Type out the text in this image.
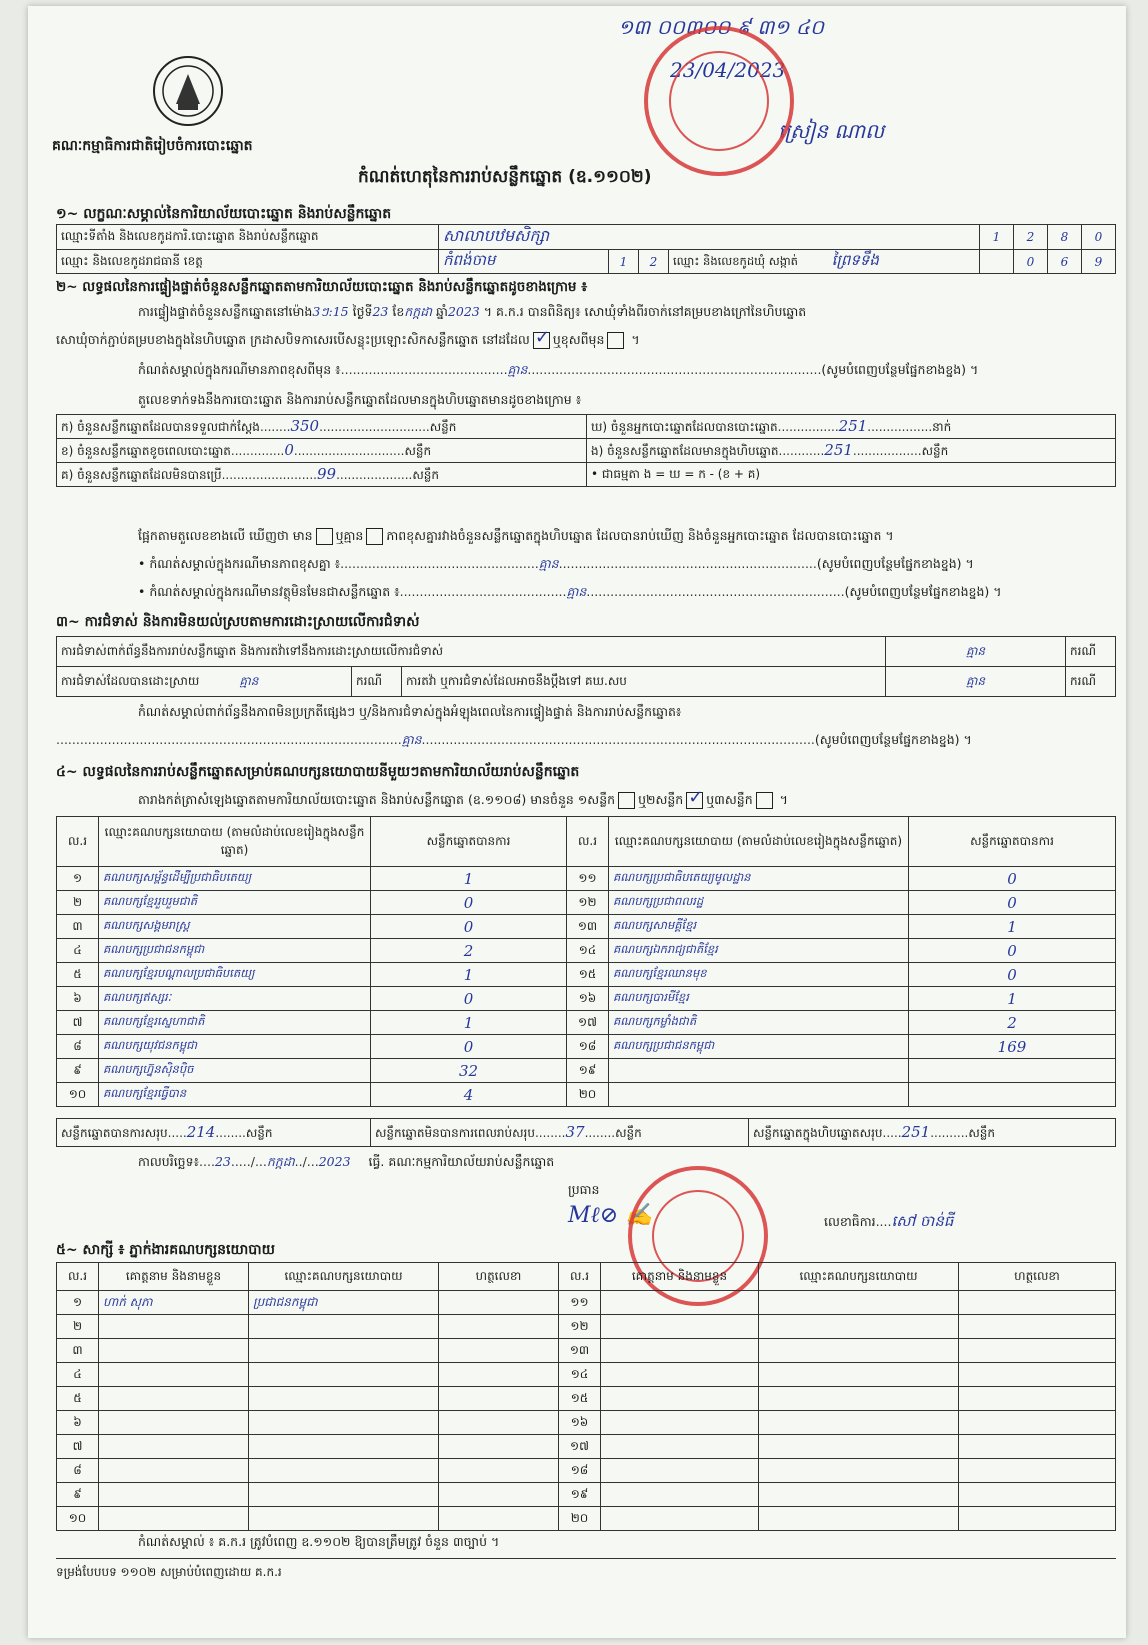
គណៈកម្មាធិការជាតិរៀបចំការបោះឆ្នោត
១៣ ០០៣០០ ៩ ៣១ ៤០
23/04/2023
ស្រៀន ណាល

កំណត់ហេតុនៃការរាប់សន្លឹកឆ្នោត (ឧ.១១០២)
១~ លក្ខណៈសម្គាល់នៃការិយាល័យបោះឆ្នោត និងរាប់សន្លឹកឆ្នោត
ឈ្មោះទីតាំង និងលេខកូដការិ.បោះឆ្នោត និងរាប់សន្លឹកឆ្នោត	សាលាបឋមសិក្សា				1	2	8	0
ឈ្មោះ និងលេខកូដរាជធានី ខេត្ត	កំពង់ចាម	1	2	ឈ្មោះ និងលេខកូដឃុំ សង្កាត់ ព្រៃទទឹង		0	6	9
២~ លទ្ធផលនៃការផ្ទៀងផ្ទាត់ចំនួនសន្លឹកឆ្នោតតាមការិយាល័យបោះឆ្នោត និងរាប់សន្លឹកឆ្នោតដូចខាងក្រោម ៖
ការផ្ទៀងផ្ទាត់ចំនួនសន្លឹកឆ្នោតនៅម៉ោង3ៗ:15 ថ្ងៃទី23 ខែកក្កដា ឆ្នាំ2023 ។ គ.ក.រ បានពិនិត្យ៖ សោឃុំទាំងពីរចាក់នៅគម្របខាងក្រៅនៃហិបឆ្នោត
សោឃុំចាក់ភ្ជាប់គម្របខាងក្នុងនៃហិបឆ្នោត ក្រដាសបិទកាសេរបើសន្លុះប្រឡោះសិកសន្លឹកឆ្នោត នៅដដែល ✓ ឬខុសពីមុន ។
កំណត់សម្គាល់ក្នុងករណីមានភាពខុសពីមុន ៖..........................................គ្មាន..........................................................................(សូមបំពេញបន្ថែមផ្នែកខាងខ្នង) ។
តួលេខទាក់ទងនឹងការបោះឆ្នោត និងការរាប់សន្លឹកឆ្នោតដែលមានក្នុងហិបឆ្នោតមានដូចខាងក្រោម ៖
ក) ចំនួនសន្លឹកឆ្នោតដែលបានទទួលជាក់ស្តែង........350.............................សន្លឹក	ឃ) ចំនួនអ្នកបោះឆ្នោតដែលបានបោះឆ្នោត................251.................នាក់
ខ) ចំនួនសន្លឹកឆ្នោតខូចពេលបោះឆ្នោត..............0.............................សន្លឹក	ង) ចំនួនសន្លឹកឆ្នោតដែលមានក្នុងហិបឆ្នោត............251..................សន្លឹក
គ) ចំនួនសន្លឹកឆ្នោតដែលមិនបានប្រើ.........................99....................សន្លឹក	• ជាធម្មតា ង = ឃ = ក - (ខ + គ)
ផ្អែកតាមតួលេខខាងលើ ឃើញថា មាន ឬគ្មាន ភាពខុសគ្នារវាងចំនួនសន្លឹកឆ្នោតក្នុងហិបឆ្នោត ដែលបានរាប់ឃើញ និងចំនួនអ្នកបោះឆ្នោត ដែលបានបោះឆ្នោត ។
• កំណត់សម្គាល់ក្នុងករណីមានភាពខុសគ្នា ៖..................................................គ្មាន.................................................................(សូមបំពេញបន្ថែមផ្នែកខាងខ្នង) ។
• កំណត់សម្គាល់ក្នុងករណីមានវត្ថុមិនមែនជាសន្លឹកឆ្នោត ៖..........................................គ្មាន.................................................................(សូមបំពេញបន្ថែមផ្នែកខាងខ្នង) ។
៣~ ការជំទាស់ និងការមិនយល់ស្របតាមការដោះស្រាយលើការជំទាស់
ការជំទាស់ពាក់ព័ន្ធនឹងការរាប់សន្លឹកឆ្នោត និងការតវ៉ាទៅនឹងការដោះស្រាយលើការជំទាស់			គ្មាន	ករណី
ការជំទាស់ដែលបានដោះស្រាយ គ្មាន	ករណី	ការតវ៉ា ឬការជំទាស់ដែលអាចនឹងប្តឹងទៅ គឃ.សប	គ្មាន	ករណី
កំណត់សម្គាល់ពាក់ព័ន្ធនឹងភាពមិនប្រក្រតីផ្សេងៗ ឬ/និងការជំទាស់ក្នុងអំឡុងពេលនៃការផ្ទៀងផ្ទាត់ និងការរាប់សន្លឹកឆ្នោត៖
.......................................................................................គ្មាន...................................................................................................(សូមបំពេញបន្ថែមផ្នែកខាងខ្នង) ។
៤~ លទ្ធផលនៃការរាប់សន្លឹកឆ្នោតសម្រាប់គណបក្សនយោបាយនីមួយៗតាមការិយាល័យរាប់សន្លឹកឆ្នោត
តារាងកត់ត្រាសំឡេងឆ្នោតតាមការិយាល័យបោះឆ្នោត និងរាប់សន្លឹកឆ្នោត (ឧ.១១០៨) មានចំនួន ១សន្លឹក ឬ២សន្លឹក ✓ ឬ៣សន្លឹក ។
ល.រ	ឈ្មោះគណបក្សនយោបាយ (តាមលំដាប់លេខរៀងក្នុងសន្លឹកឆ្នោត)	សន្លឹកឆ្នោតបានការ	ល.រ	ឈ្មោះគណបក្សនយោបាយ (តាមលំដាប់លេខរៀងក្នុងសន្លឹកឆ្នោត)	សន្លឹកឆ្នោតបានការ
១	គណបក្សសម្ព័ន្ធដើម្បីប្រជាធិបតេយ្យ	1	១១	គណបក្សប្រជាធិបតេយ្យមូលដ្ឋាន	0
២	គណបក្សខ្មែររួបរួមជាតិ	0	១២	គណបក្សប្រជាពលរដ្ឋ	0
៣	គណបក្សសង្គមរាស្ត្រ	0	១៣	គណបក្សសាមគ្គីខ្មែរ	1
៤	គណបក្សប្រជាជនកម្ពុជា	2	១៤	គណបក្សឯករាជ្យជាតិខ្មែរ	0
៥	គណបក្សខ្មែរបណ្តាលប្រជាធិបតេយ្យ	1	១៥	គណបក្សខ្មែរឈានមុខ	0
៦	គណបក្សឥស្សរៈ	0	១៦	គណបក្សបារមីខ្មែរ	1
៧	គណបក្សខ្មែរស្នេហាជាតិ	1	១៧	គណបក្សកម្លាំងជាតិ	2
៨	គណបក្សយុវជនកម្ពុជា	0	១៨	គណបក្សប្រជាជនកម្ពុជា	169
៩	គណបក្សហ្វ៊ុនស៊ិនប៉ិច	32	១៩		
១០	គណបក្សខ្មែរធ្វើបាន	4	២០		
សន្លឹកឆ្នោតបានការសរុប.....214........សន្លឹក	សន្លឹកឆ្នោតមិនបានការពេលរាប់សរុប........37........សន្លឹក	សន្លឹកឆ្នោតក្នុងហិបឆ្នោតសរុប.....251..........សន្លឹក
កាលបរិច្ឆេទ៖....23...../...កក្កដា../...2023 ធ្វើ. គណៈកម្មការិយាល័យរាប់សន្លឹកឆ្នោត
ប្រធាន
Mℓ⊘ ✍
	លេខាធិការ....សៅ ចាន់ធី
៥~ សាក្សី ៖ ភ្នាក់ងារគណបក្សនយោបាយ
ល.រ	គោត្តនាម និងនាមខ្លួន	ឈ្មោះគណបក្សនយោបាយ	ហត្ថលេខា	ល.រ	គោត្តនាម និងនាមខ្លួន	ឈ្មោះគណបក្សនយោបាយ	ហត្ថលេខា
១	ហាក់ សុភា	ប្រជាជនកម្ពុជា		១១			
២				១២			
៣				១៣			
៤				១៤			
៥				១៥			
៦				១៦			
៧				១៧			
៨				១៨			
៩				១៩			
១០				២០			
កំណត់សម្គាល់ ៖ គ.ក.រ ត្រូវបំពេញ ឧ.១១០២ ឱ្យបានត្រឹមត្រូវ ចំនួន ៣ច្បាប់ ។
ទម្រង់បែបបទ ១១០២ សម្រាប់បំពេញដោយ គ.ក.រ
